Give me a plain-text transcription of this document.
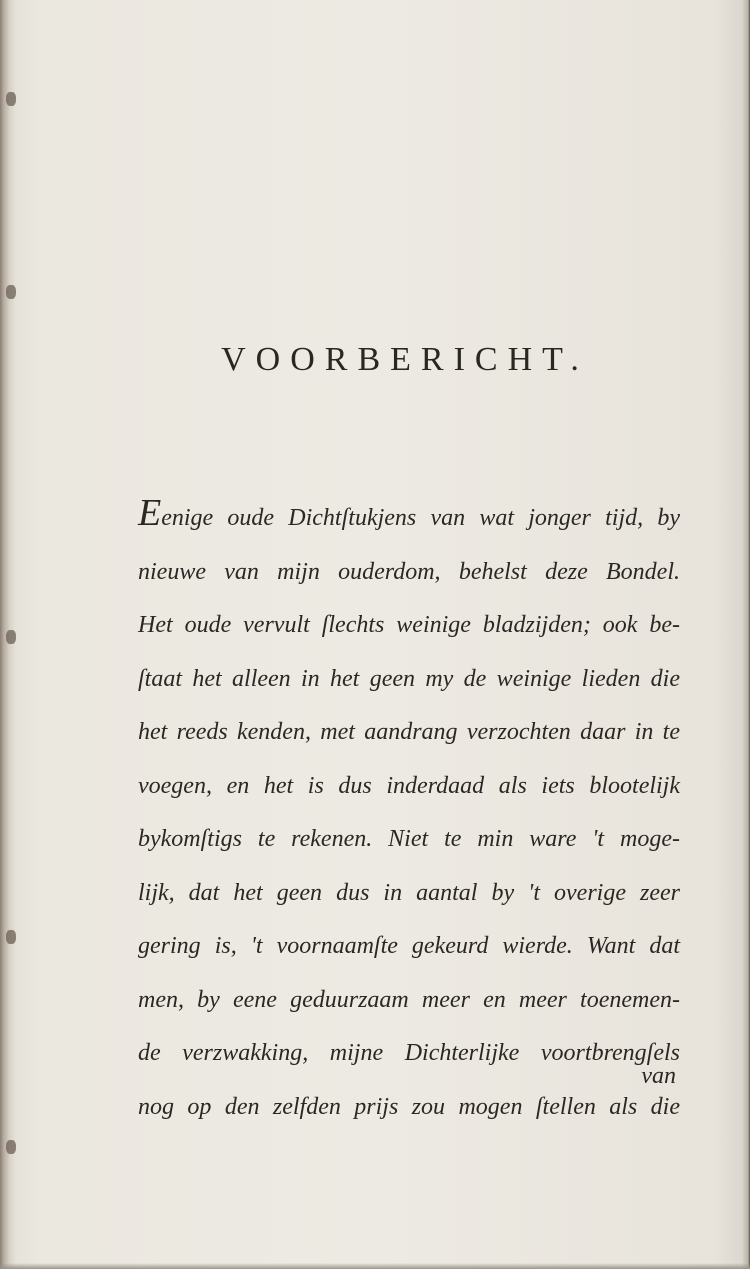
VOORBERICHT.
Eenige oude Dichtſtukjens van wat jonger tijd, by
nieuwe van mijn ouderdom, behelst deze Bondel.
Het oude vervult ſlechts weinige bladzijden; ook be-
ſtaat het alleen in het geen my de weinige lieden die
het reeds kenden, met aandrang verzochten daar in te
voegen, en het is dus inderdaad als iets blootelijk
bykomſtigs te rekenen. Niet te min ware 't moge-
lijk, dat het geen dus in aantal by 't overige zeer
gering is, 't voornaamſte gekeurd wierde. Want dat
men, by eene geduurzaam meer en meer toenemen-
de verzwakking, mijne Dichterlijke voortbrengſels
nog op den zelfden prijs zou mogen ſtellen als die
van
